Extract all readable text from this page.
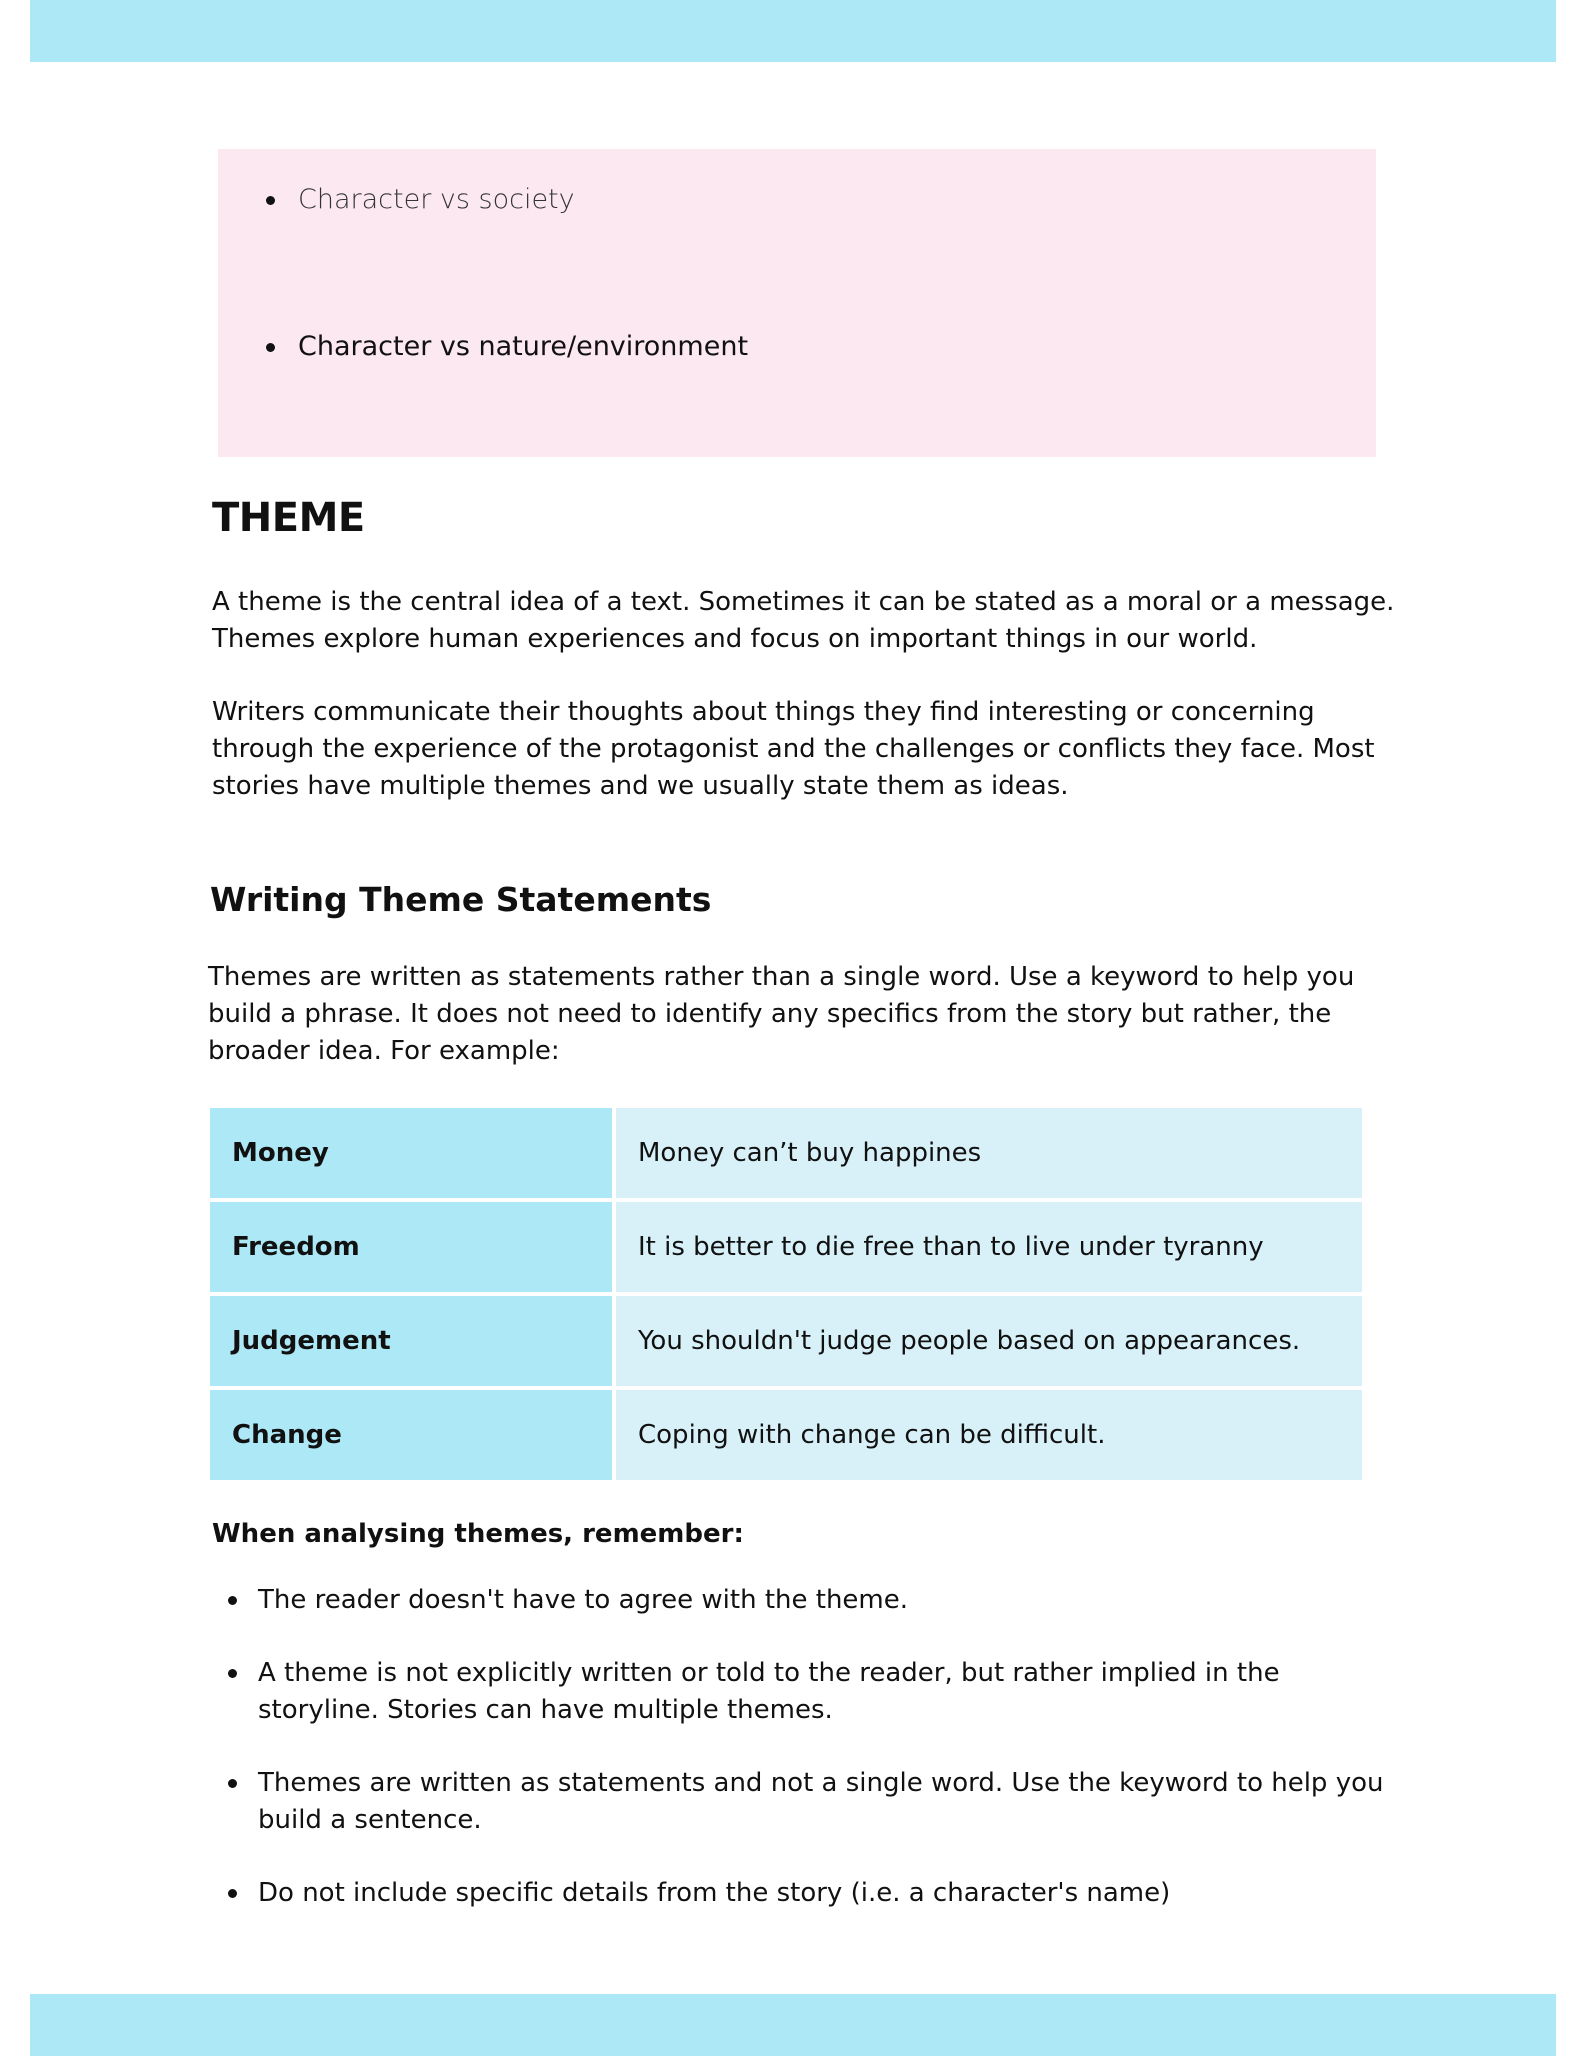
Character vs society
Character vs nature/environment
THEME

A theme is the central idea of a text. Sometimes it can be stated as a moral or a message. Themes explore human experiences and focus on important things in our world.

Writers communicate their thoughts about things they find interesting or concerning through the experience of the protagonist and the challenges or conflicts they face. Most stories have multiple themes and we usually state them as ideas.

Writing Theme Statements

Themes are written as statements rather than a single word. Use a keyword to help you build a phrase. It does not need to identify any specifics from the story but rather, the broader idea. For example:

Money	Money can’t buy happines
Freedom	It is better to die free than to live under tyranny
Judgement	You shouldn't judge people based on appearances.
Change	Coping with change can be difficult.

When analysing themes, remember:

The reader doesn't have to agree with the theme.
A theme is not explicitly written or told to the reader, but rather implied in the storyline. Stories can have multiple themes.
Themes are written as statements and not a single word. Use the keyword to help you build a sentence.
Do not include specific details from the story (i.e. a character's name)
